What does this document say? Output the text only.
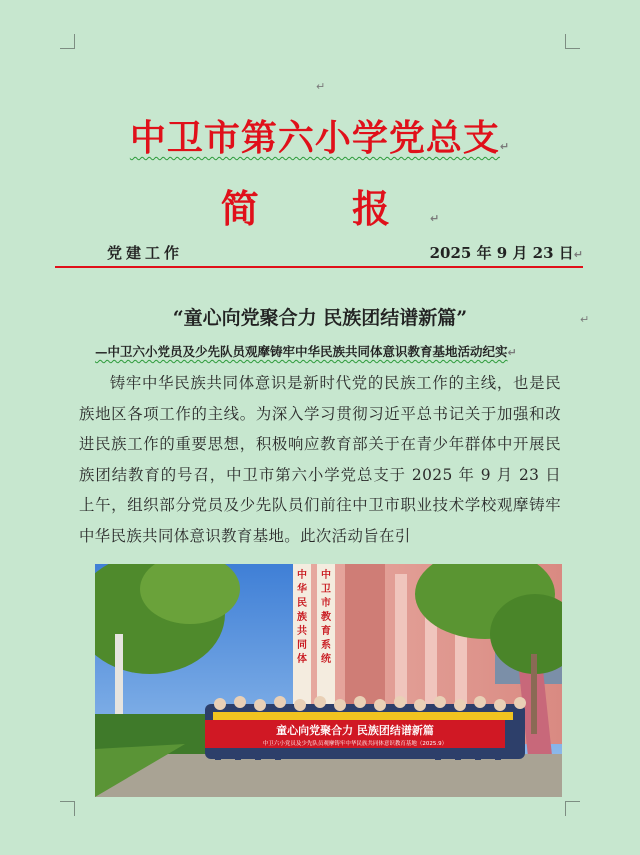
↵
中卫市第六小学党总支↵
简 报↵
党建工作	2025 年 9 月 23 日↵
“童心向党聚合力 民族团结谱新篇”	↵
—中卫六小党员及少先队员观摩铸牢中华民族共同体意识教育基地活动纪实↵
铸牢中华民族共同体意识是新时代党的民族工作的主线，也是民族地区各项工作的主线。为深入学习贯彻习近平总书记关于加强和改进民族工作的重要思想，积极响应教育部关于在青少年群体中开展民族团结教育的号召，中卫市第六小学党总支于 2025 年 9 月 23 日上午，组织部分党员及少先队员们前往中卫市职业技术学校观摩铸牢中华民族共同体意识教育基地。此次活动旨在引
中
华
民
族
共
同
体
中
卫
市
教
育
系
统
童心向党聚合力 民族团结谱新篇
中卫六小党员及少先队员观摩铸牢中华民族共同体意识教育基地（2025.9）
